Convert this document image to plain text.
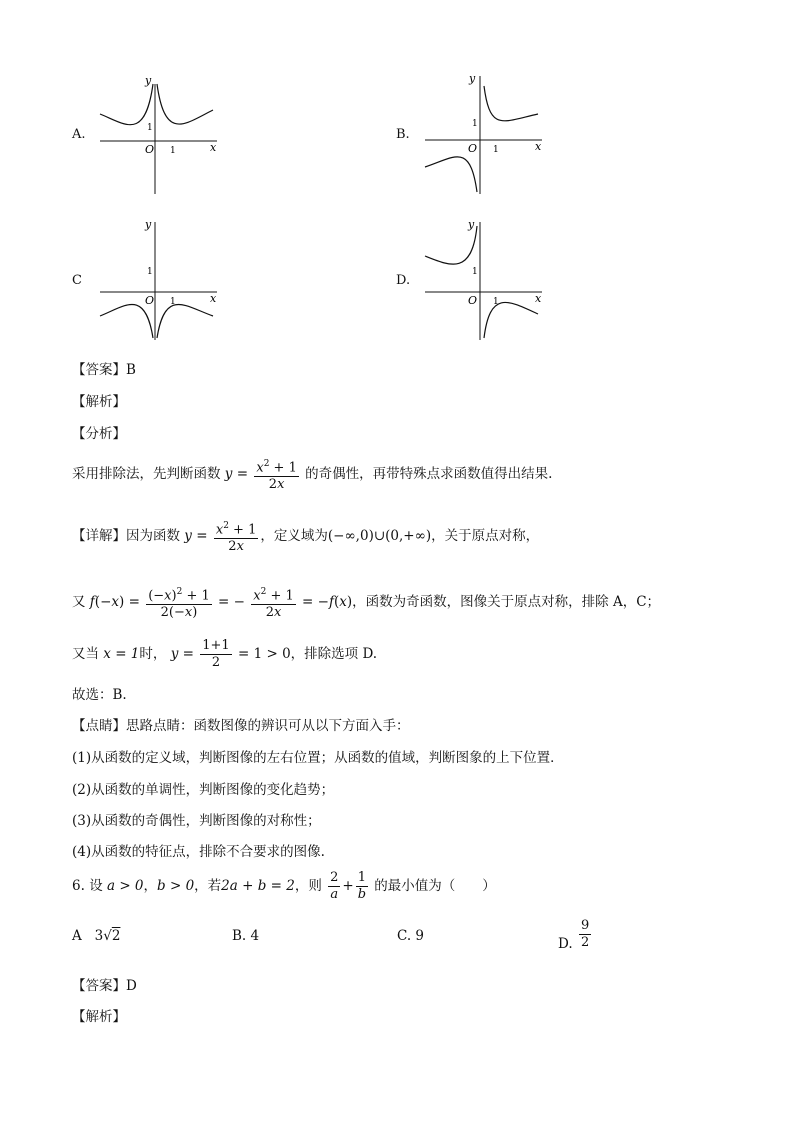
A.
y
x
O
1
1
B.
y
x
O
1
1
C
y
x
O
1
1
D.
y
x
O
1
1
【答案】B
【解析】
【分析】
采用排除法，先判断函数 $y = \frac{x^2 + 1}{2x}$ 的奇偶性，再带特殊点求函数值得出结果.
【详解】因为函数 $y = \frac{x^2 + 1}{2x}$ ，定义域为(−∞,0)∪(0,+∞)，关于原点对称，
又 $f(-x) = \frac{(-x)^2 + 1}{2(-x)}$ = − $\frac{x^2 + 1}{2x} = -f(x)$，函数为奇函数，图像关于原点对称，排除 A，C；
又当 x = 1时， $y = \frac{1+1}{2} = 1 > 0$，排除选项 D.
故选：B.
【点睛】思路点睛：函数图像的辨识可从以下方面入手：
(1)从函数的定义域，判断图像的左右位置；从函数的值域，判断图象的上下位置．
(2)从函数的单调性，判断图像的变化趋势；
(3)从函数的奇偶性，判断图像的对称性；
(4)从函数的特征点，排除不合要求的图像.
6. 设 a > 0，b > 0，若2a + b = 2，则 $\frac{2}{a} + \frac{1}{b}$ 的最小值为（　　）
A   3√2	B. 4	C. 9	D. $\frac{9}{2}$
【答案】D
【解析】
